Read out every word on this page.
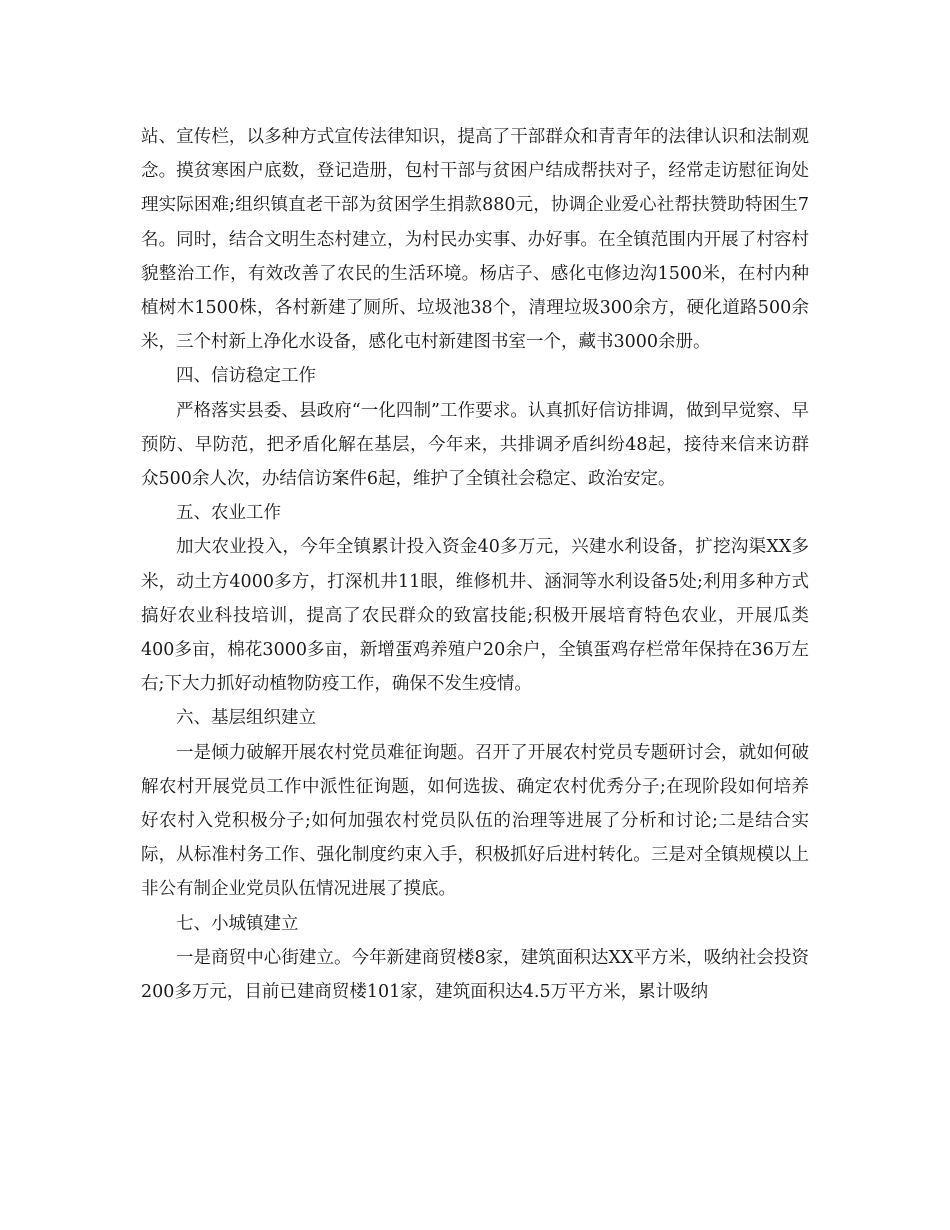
站、宣传栏，以多种方式宣传法律知识，提高了干部群众和青青年的法律认识和法制观念。摸贫寒困户底数，登记造册，包村干部与贫困户结成帮扶对子，经常走访慰征询处理实际困难;组织镇直老干部为贫困学生捐款880元，协调企业爱心社帮扶赞助特困生7名。同时，结合文明生态村建立，为村民办实事、办好事。在全镇范围内开展了村容村貌整治工作，有效改善了农民的生活环境。杨店子、感化屯修边沟1500米，在村内种植树木1500株，各村新建了厕所、垃圾池38个，清理垃圾300余方，硬化道路500余米，三个村新上净化水设备，感化屯村新建图书室一个，藏书3000余册。

四、信访稳定工作

严格落实县委、县政府“一化四制”工作要求。认真抓好信访排调，做到早觉察、早预防、早防范，把矛盾化解在基层，今年来，共排调矛盾纠纷48起，接待来信来访群众500余人次，办结信访案件6起，维护了全镇社会稳定、政治安定。

五、农业工作

加大农业投入，今年全镇累计投入资金40多万元，兴建水利设备，扩挖沟渠XX多米，动土方4000多方，打深机井11眼，维修机井、涵洞等水利设备5处;利用多种方式搞好农业科技培训，提高了农民群众的致富技能;积极开展培育特色农业，开展瓜类400多亩，棉花3000多亩，新增蛋鸡养殖户20余户，全镇蛋鸡存栏常年保持在36万左右;下大力抓好动植物防疫工作，确保不发生疫情。

六、基层组织建立

一是倾力破解开展农村党员难征询题。召开了开展农村党员专题研讨会，就如何破解农村开展党员工作中派性征询题，如何选拔、确定农村优秀分子;在现阶段如何培养好农村入党积极分子;如何加强农村党员队伍的治理等进展了分析和讨论;二是结合实际，从标准村务工作、强化制度约束入手，积极抓好后进村转化。三是对全镇规模以上非公有制企业党员队伍情况进展了摸底。

七、小城镇建立

一是商贸中心街建立。今年新建商贸楼8家，建筑面积达XX平方米，吸纳社会投资200多万元，目前已建商贸楼101家，建筑面积达4.5万平方米，累计吸纳
